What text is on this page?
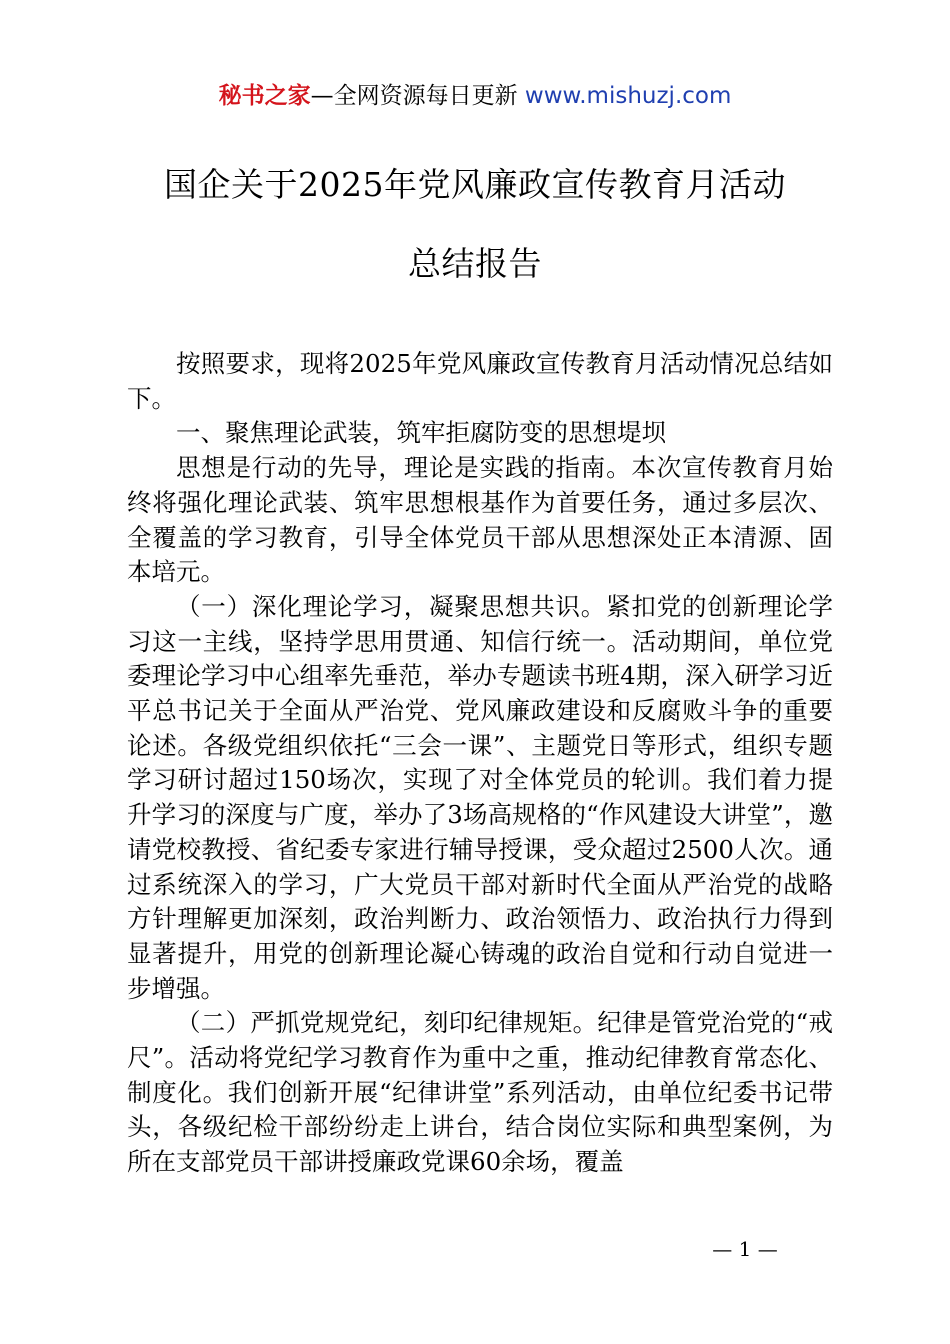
秘书之家—全网资源每日更新 www.mishuzj.com
国企关于2025年党风廉政宣传教育月活动
总结报告

按照要求，现将2025年党风廉政宣传教育月活动情况总结如下。

一、聚焦理论武装，筑牢拒腐防变的思想堤坝

思想是行动的先导，理论是实践的指南。本次宣传教育月始终将强化理论武装、筑牢思想根基作为首要任务，通过多层次、全覆盖的学习教育，引导全体党员干部从思想深处正本清源、固本培元。

（一）深化理论学习，凝聚思想共识。紧扣党的创新理论学习这一主线，坚持学思用贯通、知信行统一。活动期间，单位党委理论学习中心组率先垂范，举办专题读书班4期，深入研学习近平总书记关于全面从严治党、党风廉政建设和反腐败斗争的重要论述。各级党组织依托“三会一课”、主题党日等形式，组织专题学习研讨超过150场次，实现了对全体党员的轮训。我们着力提升学习的深度与广度，举办了3场高规格的“作风建设大讲堂”，邀请党校教授、省纪委专家进行辅导授课，受众超过2500人次。通过系统深入的学习，广大党员干部对新时代全面从严治党的战略方针理解更加深刻，政治判断力、政治领悟力、政治执行力得到显著提升，用党的创新理论凝心铸魂的政治自觉和行动自觉进一步增强。

（二）严抓党规党纪，刻印纪律规矩。纪律是管党治党的“戒尺”。活动将党纪学习教育作为重中之重，推动纪律教育常态化、制度化。我们创新开展“纪律讲堂”系列活动，由单位纪委书记带头，各级纪检干部纷纷走上讲台，结合岗位实际和典型案例，为所在支部党员干部讲授廉政党课60余场，覆盖

— 1 —
